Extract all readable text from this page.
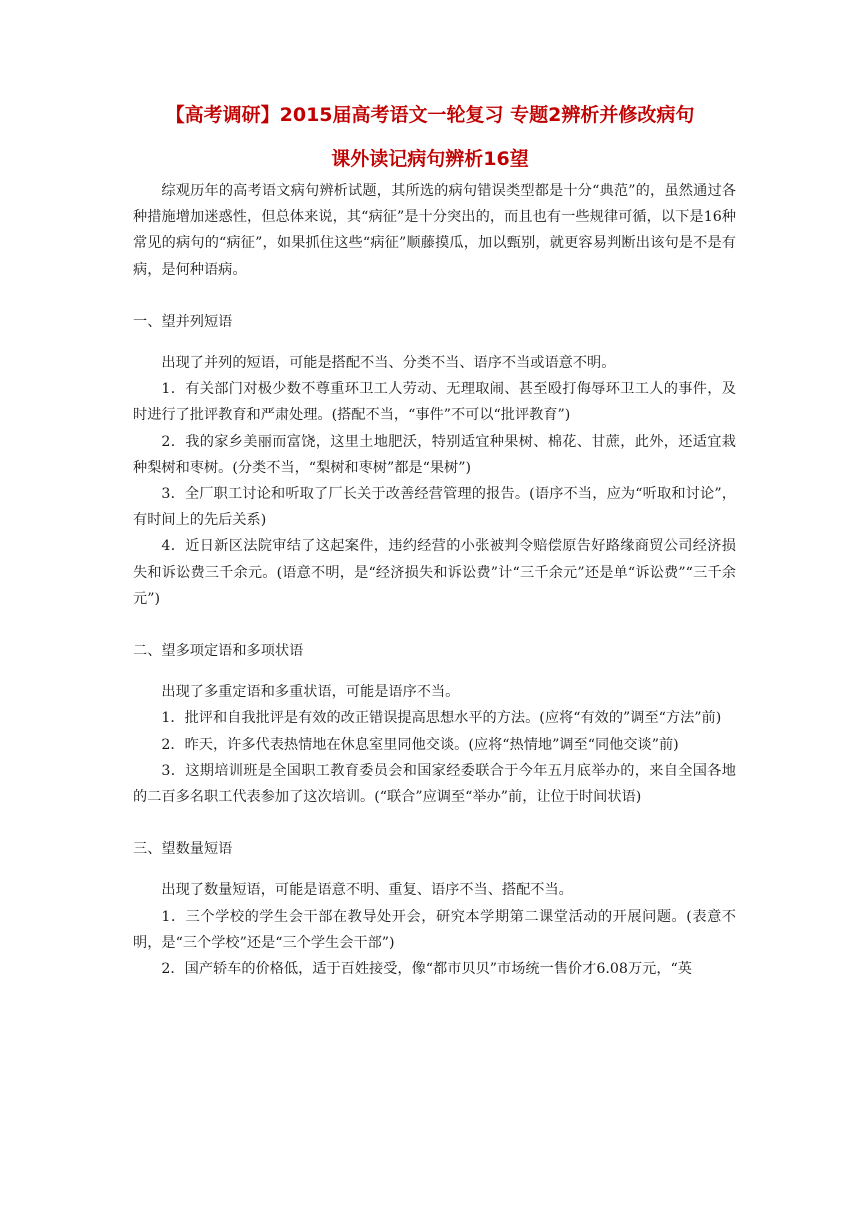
【高考调研】2015届高考语文一轮复习 专题2辨析并修改病句
课外读记病句辨析16望

综观历年的高考语文病句辨析试题，其所选的病句错误类型都是十分“典范”的，虽然通过各种措施增加迷惑性，但总体来说，其“病征”是十分突出的，而且也有一些规律可循，以下是16种常见的病句的“病征”，如果抓住这些“病征”顺藤摸瓜，加以甄别，就更容易判断出该句是不是有病，是何种语病。

一、望并列短语

出现了并列的短语，可能是搭配不当、分类不当、语序不当或语意不明。

1．有关部门对极少数不尊重环卫工人劳动、无理取闹、甚至殴打侮辱环卫工人的事件，及时进行了批评教育和严肃处理。(搭配不当，“事件”不可以“批评教育”)

2．我的家乡美丽而富饶，这里土地肥沃，特别适宜种果树、棉花、甘蔗，此外，还适宜栽种梨树和枣树。(分类不当，“梨树和枣树”都是“果树”)

3．全厂职工讨论和听取了厂长关于改善经营管理的报告。(语序不当，应为“听取和讨论”，有时间上的先后关系)

4．近日新区法院审结了这起案件，违约经营的小张被判令赔偿原告好路缘商贸公司经济损失和诉讼费三千余元。(语意不明，是“经济损失和诉讼费”计“三千余元”还是单“诉讼费”“三千余元”)

二、望多项定语和多项状语

出现了多重定语和多重状语，可能是语序不当。

1．批评和自我批评是有效的改正错误提高思想水平的方法。(应将“有效的”调至“方法”前)

2．昨天，许多代表热情地在休息室里同他交谈。(应将“热情地”调至“同他交谈”前)

3．这期培训班是全国职工教育委员会和国家经委联合于今年五月底举办的，来自全国各地的二百多名职工代表参加了这次培训。(“联合”应调至“举办”前，让位于时间状语)

三、望数量短语

出现了数量短语，可能是语意不明、重复、语序不当、搭配不当。

1．三个学校的学生会干部在教导处开会，研究本学期第二课堂活动的开展问题。(表意不明，是“三个学校”还是“三个学生会干部”)

2．国产轿车的价格低，适于百姓接受，像“都市贝贝”市场统一售价才6.08万元，“英
